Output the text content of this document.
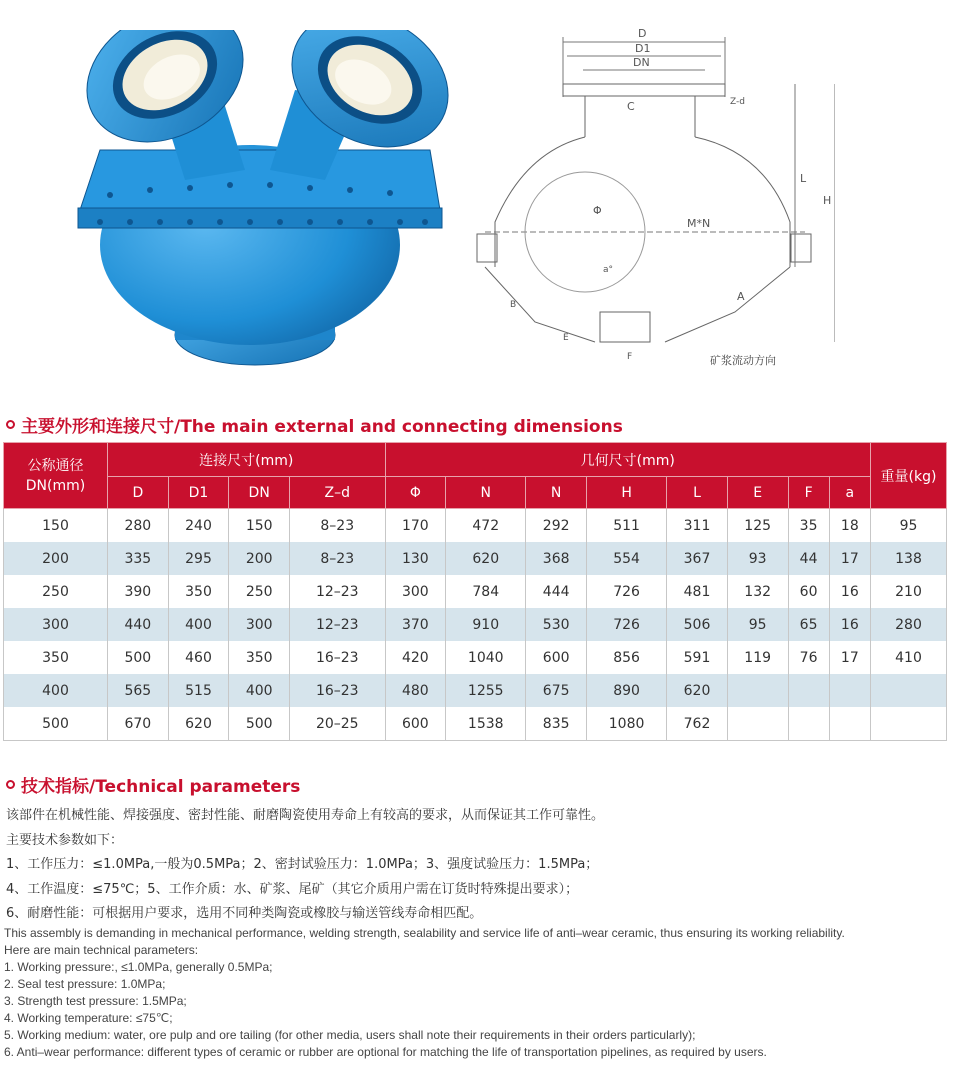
D
D1
DN
C	Z-d
Φ
M*N
a°
A
B
E
F
L
H
矿浆流动方向
主要外形和连接尺寸/The main external and connecting dimensions
公称通径
DN(mm)	连接尺寸(mm)				几何尺寸(mm)								重量(kg)
	D	D1	DN	Z–d	Φ	N	N	H	L	E	F	a	
150	280	240	150	8–23	170	472	292	511	311	125	35	18	95
200	335	295	200	8–23	130	620	368	554	367	93	44	17	138
250	390	350	250	12–23	300	784	444	726	481	132	60	16	210
300	440	400	300	12–23	370	910	530	726	506	95	65	16	280
350	500	460	350	16–23	420	1040	600	856	591	119	76	17	410
400	565	515	400	16–23	480	1255	675	890	620				
500	670	620	500	20–25	600	1538	835	1080	762				
技术指标/Technical parameters
该部件在机械性能、焊接强度、密封性能、耐磨陶瓷使用寿命上有较高的要求，从而保证其工作可靠性。
主要技术参数如下：
1、工作压力：≤1.0MPa,一般为0.5MPa；2、密封试验压力：1.0MPa；3、强度试验压力：1.5MPa；
4、工作温度：≤75℃；5、工作介质：水、矿浆、尾矿（其它介质用户需在订货时特殊提出要求）；
6、耐磨性能：可根据用户要求，选用不同种类陶瓷或橡胶与输送管线寿命相匹配。
This assembly is demanding in mechanical performance, welding strength, sealability and service life of anti–wear ceramic, thus ensuring its working reliability.
Here are main technical parameters:
1. Working pressure:, ≤1.0MPa, generally 0.5MPa;
2. Seal test pressure: 1.0MPa;
3. Strength test pressure: 1.5MPa;
4. Working temperature: ≤75℃;
5. Working medium: water, ore pulp and ore tailing (for other media, users shall note their requirements in their orders particularly);
6. Anti–wear performance: different types of ceramic or rubber are optional for matching the life of transportation pipelines, as required by users.
